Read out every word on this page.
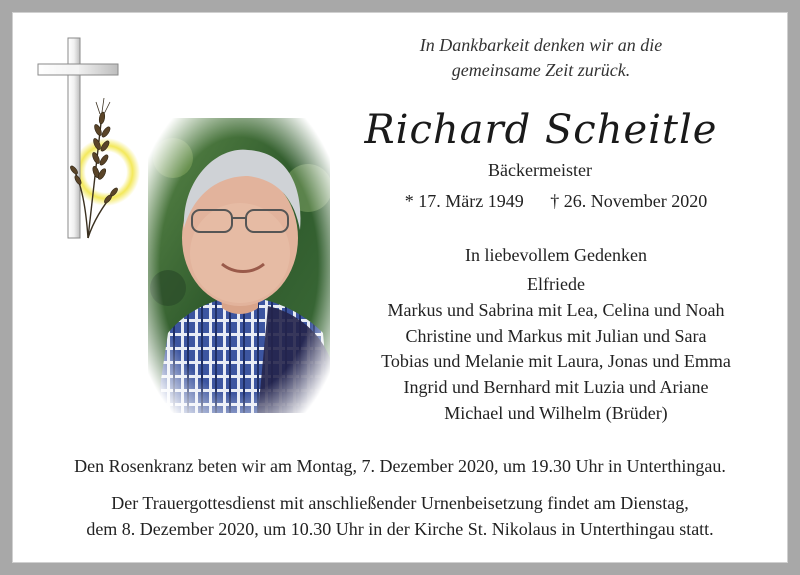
In Dankbarkeit denken wir an die
gemeinsame Zeit zurück.
Richard Scheitle
Bäckermeister
* 17. März 1949 † 26. November 2020
In liebevollem Gedenken
Elfriede
Markus und Sabrina mit Lea, Celina und Noah
Christine und Markus mit Julian und Sara
Tobias und Melanie mit Laura, Jonas und Emma
Ingrid und Bernhard mit Luzia und Ariane
Michael und Wilhelm (Brüder)
Den Rosenkranz beten wir am Montag, 7. Dezember 2020, um 19.30 Uhr in Unterthingau.
Der Trauergottesdienst mit anschließender Urnenbeisetzung findet am Dienstag,
dem 8. Dezember 2020, um 10.30 Uhr in der Kirche St. Nikolaus in Unterthingau statt.
